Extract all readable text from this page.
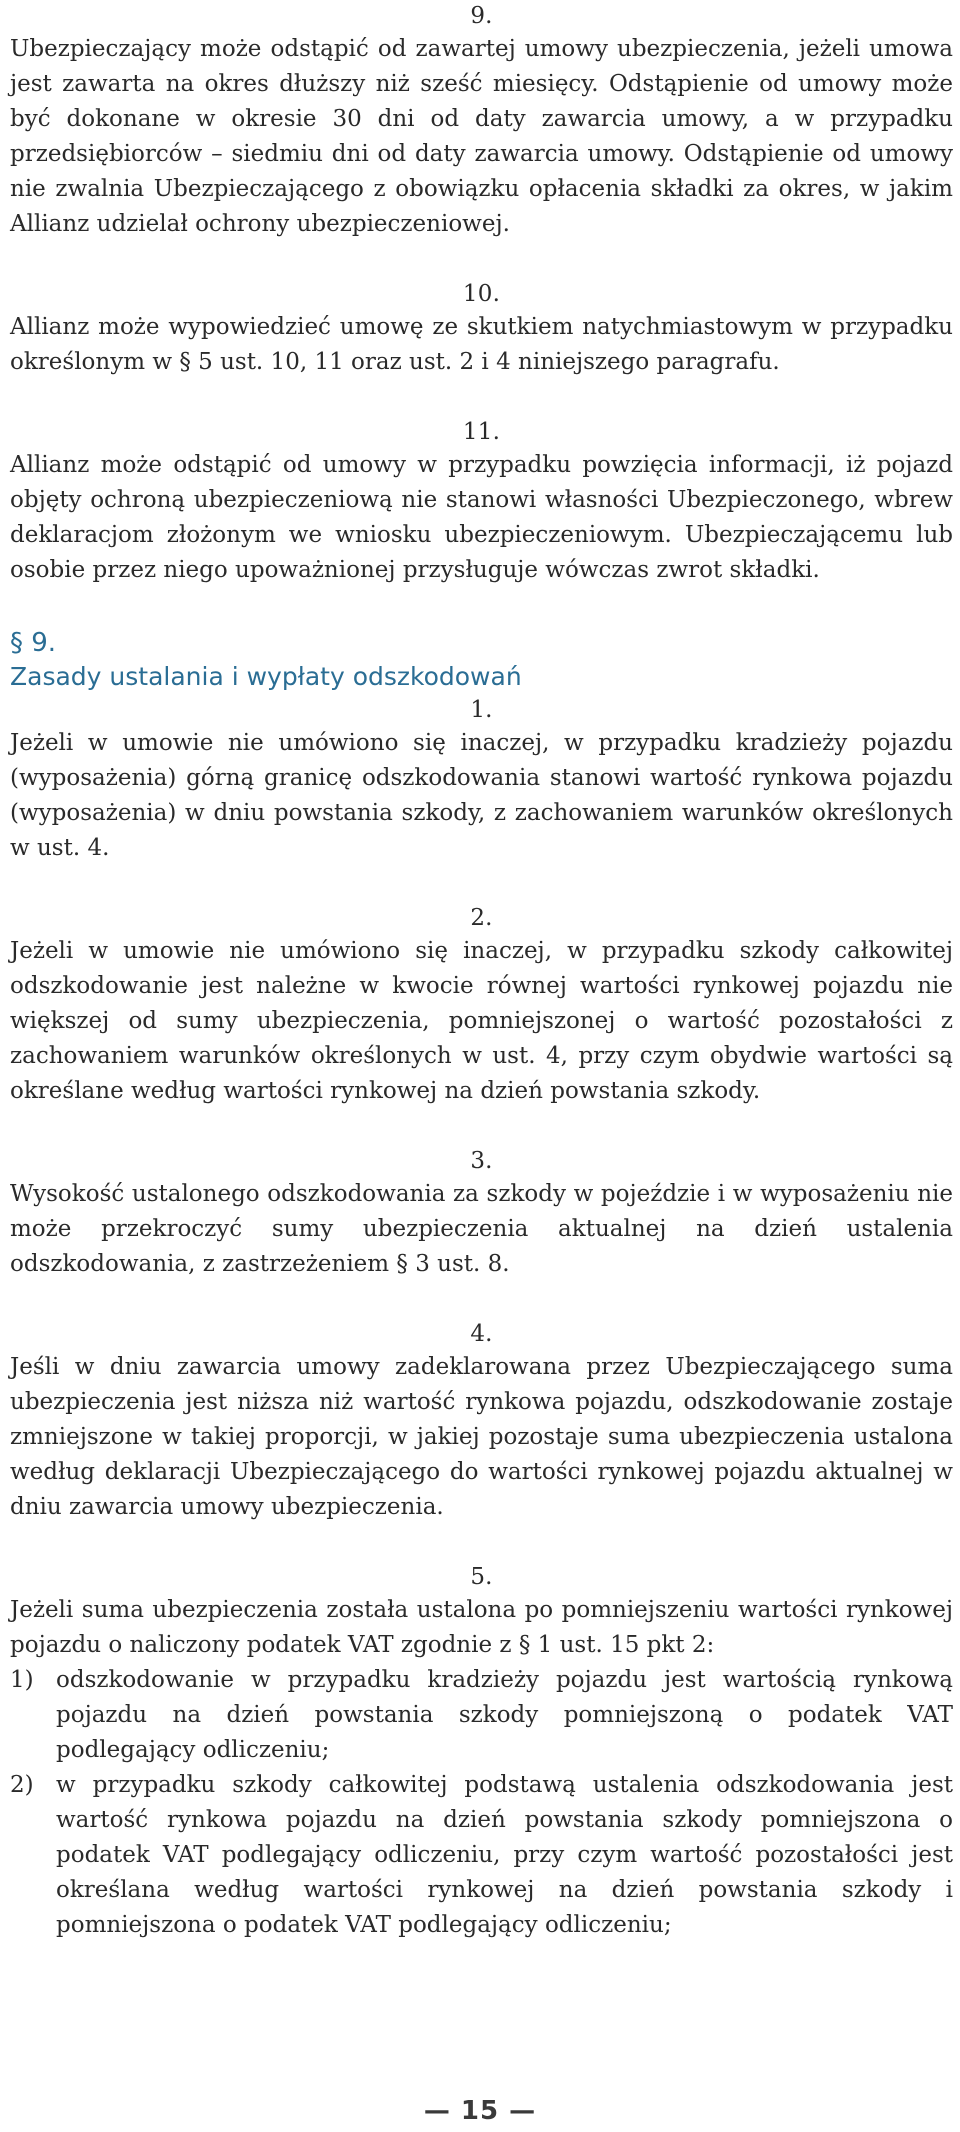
9.

Ubezpieczający może odstąpić od zawartej umowy ubezpieczenia, jeżeli umowa jest zawarta na okres dłuższy niż sześć miesięcy. Odstąpienie od umowy może być dokonane w okresie 30 dni od daty zawarcia umowy, a w przypadku przedsiębiorców – siedmiu dni od daty zawarcia umowy. Odstąpienie od umowy nie zwalnia Ubezpieczającego z obowiązku opłacenia składki za okres, w jakim Allianz udzielał ochrony ubezpieczeniowej.

10.

Allianz może wypowiedzieć umowę ze skutkiem natychmiastowym w przypadku określonym w § 5 ust. 10, 11 oraz ust. 2 i 4 niniejszego paragrafu.

11.

Allianz może odstąpić od umowy w przypadku powzięcia informacji, iż pojazd objęty ochroną ubezpieczeniową nie stanowi własności Ubezpieczonego, wbrew deklaracjom złożonym we wniosku ubezpieczeniowym. Ubezpieczającemu lub osobie przez niego upoważnionej przysługuje wówczas zwrot składki.

§ 9.
Zasady ustalania i wypłaty odszkodowań
1.

Jeżeli w umowie nie umówiono się inaczej, w przypadku kradzieży pojazdu (wyposażenia) górną granicę odszkodowania stanowi wartość rynkowa pojazdu (wyposażenia) w dniu powstania szkody, z zachowaniem warunków określonych w ust. 4.

2.

Jeżeli w umowie nie umówiono się inaczej, w przypadku szkody całkowitej odszkodowanie jest należne w kwocie równej wartości rynkowej pojazdu nie większej od sumy ubezpieczenia, pomniejszonej o wartość pozostałości z zachowaniem warunków określonych w ust. 4, przy czym obydwie wartości są określane według wartości rynkowej na dzień powstania szkody.

3.

Wysokość ustalonego odszkodowania za szkody w pojeździe i w wyposażeniu nie może przekroczyć sumy ubezpieczenia aktualnej na dzień ustalenia odszkodowania, z zastrzeżeniem § 3 ust. 8.

4.

Jeśli w dniu zawarcia umowy zadeklarowana przez Ubezpieczającego suma ubezpieczenia jest niższa niż wartość rynkowa pojazdu, odszkodowanie zostaje zmniejszone w takiej proporcji, w jakiej pozostaje suma ubezpieczenia ustalona według deklaracji Ubezpieczającego do wartości rynkowej pojazdu aktualnej w dniu zawarcia umowy ubezpieczenia.

5.

Jeżeli suma ubezpieczenia została ustalona po pomniejszeniu wartości rynkowej pojazdu o naliczony podatek VAT zgodnie z § 1 ust. 15 pkt 2:

1) odszkodowanie w przypadku kradzieży pojazdu jest wartością rynkową pojazdu na dzień powstania szkody pomniejszoną o podatek VAT podlegający odliczeniu;
2) w przypadku szkody całkowitej podstawą ustalenia odszkodowania jest wartość rynkowa pojazdu na dzień powstania szkody pomniejszona o podatek VAT podlegający odliczeniu, przy czym wartość pozostałości jest określana według wartości rynkowej na dzień powstania szkody i pomniejszona o podatek VAT podlegający odliczeniu;
— 15 —
